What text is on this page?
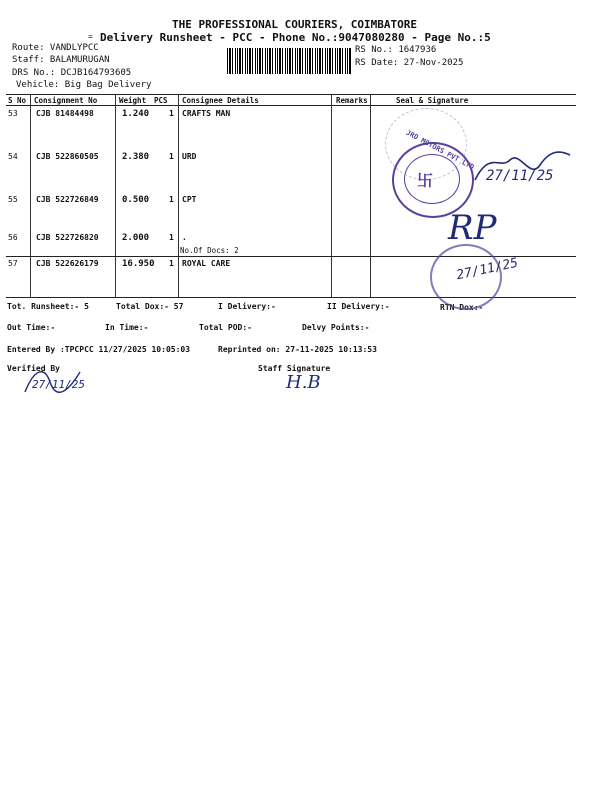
THE PROFESSIONAL COURIERS, COIMBATORE
Delivery Runsheet - PCC - Phone No.:9047080280 - Page No.:5
=
Route: VANDLYPCC
Staff: BALAMURUGAN
DRS No.: DCJB164793605
Vehicle: Big Bag Delivery
RS No.: 1647936
RS Date: 27-Nov-2025
S No Consignment No	Weight PCS Consignee Details	Remarks	Seal & Signature
53 CJB 81484498	1.240 1 CRAFTS MAN
54 CJB 522860505	2.380 1 URD
55 CJB 522726849	0.500 1 CPT
56 CJB 522726820	2.000 1 .
No.Of Docs: 2
57 CJB 522626179	16.950 1 ROYAL CARE
Tot. Runsheet:- 5	Total Dox:- 57	I Delivery:-	II Delivery:-	RTN Dox:-
Out Time:-	In Time:-	Total POD:-	Delvy Points:-
Entered By :TPCPCC 11/27/2025 10:05:03	Reprinted on: 27-11-2025 10:13:53
Verified By	Staff Signature
JRD MOTORS PVT LTD
卐	27/11/25
RP
27/11/25
27/11/25	H.B
